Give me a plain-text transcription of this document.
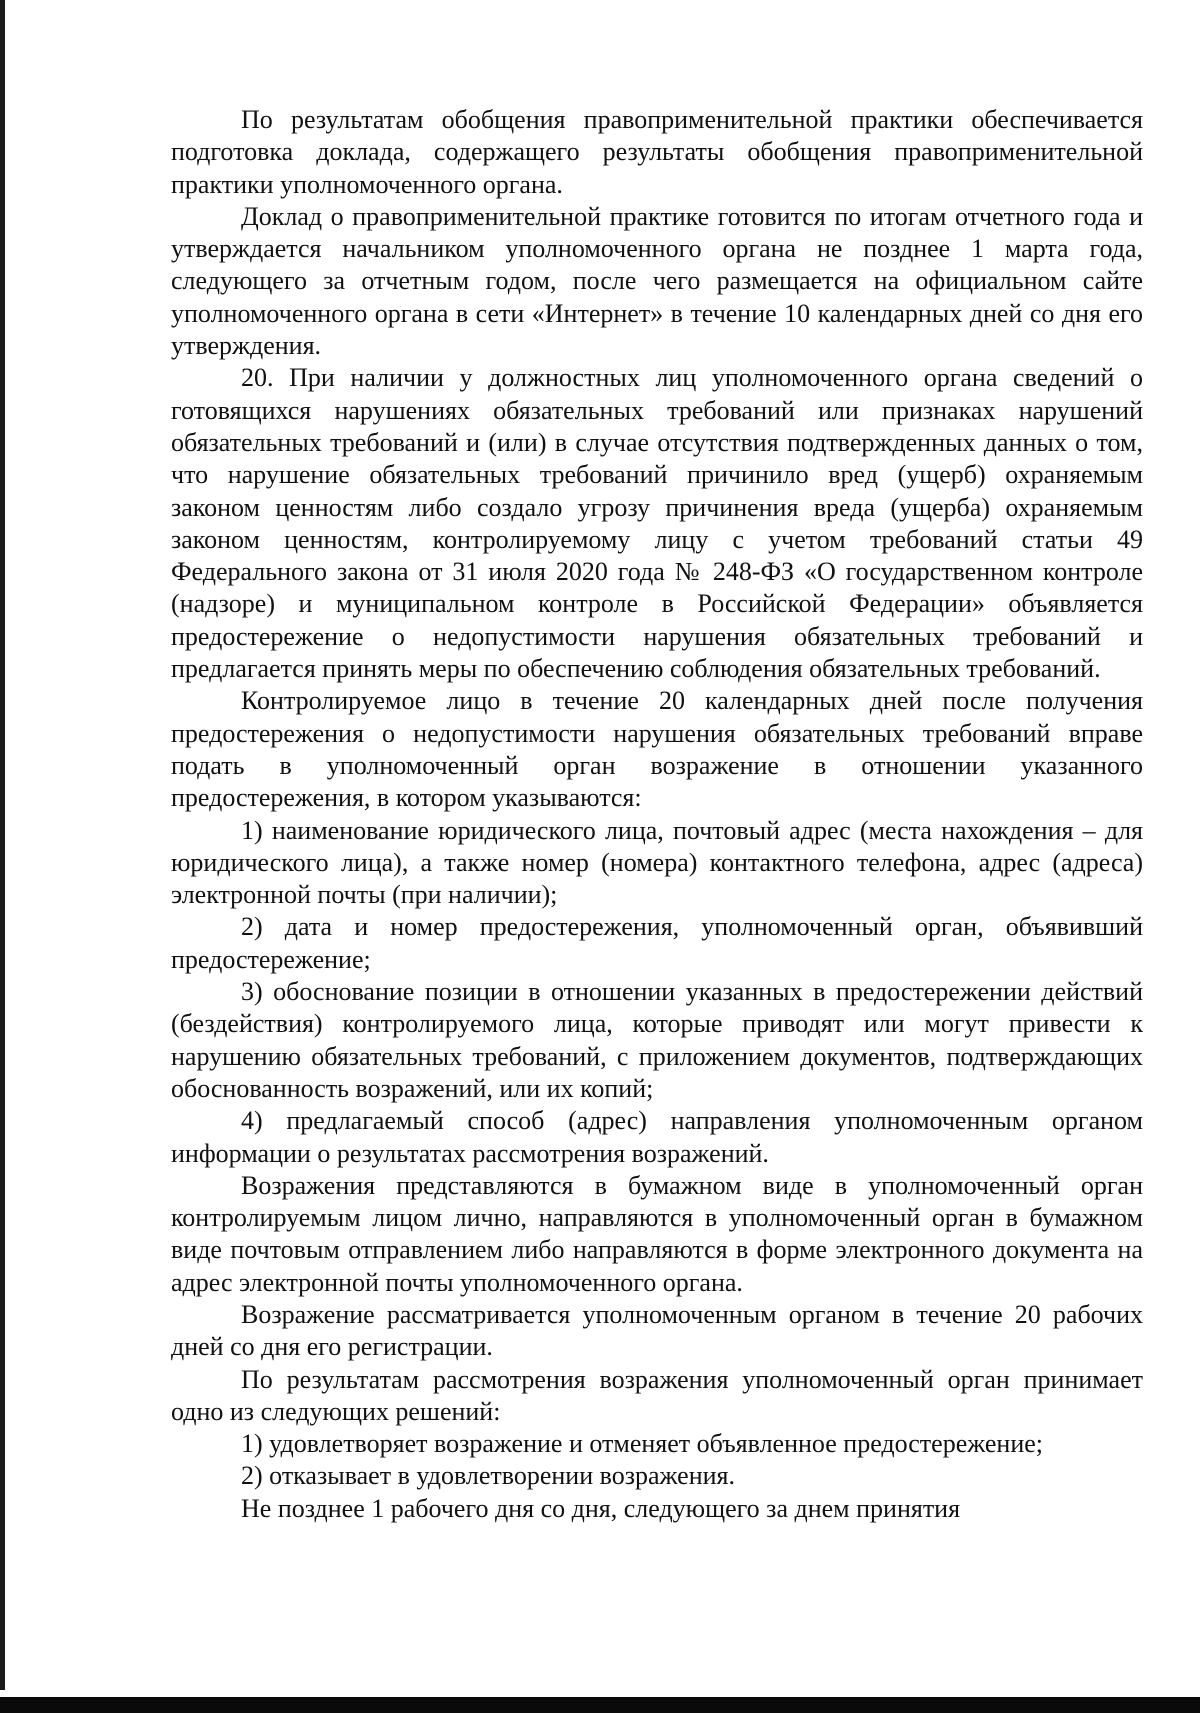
По результатам обобщения правоприменительной практики обеспечивается подготовка доклада, содержащего результаты обобщения правоприменительной практики уполномоченного органа.

Доклад о правоприменительной практике готовится по итогам отчетного года и утверждается начальником уполномоченного органа не позднее 1 марта года, следующего за отчетным годом, после чего размещается на официальном сайте уполномоченного органа в сети «Интернет» в течение 10 календарных дней со дня его утверждения.

20. При наличии у должностных лиц уполномоченного органа сведений о готовящихся нарушениях обязательных требований или признаках нарушений обязательных требований и (или) в случае отсутствия подтвержденных данных о том, что нарушение обязательных требований причинило вред (ущерб) охраняемым законом ценностям либо создало угрозу причинения вреда (ущерба) охраняемым законом ценностям, контролируемому лицу с учетом требований статьи 49 Федерального закона от 31 июля 2020 года № 248-ФЗ «О государственном контроле (надзоре) и муниципальном контроле в Российской Федерации» объявляется предостережение о недопустимости нарушения обязательных требований и предлагается принять меры по обеспечению соблюдения обязательных требований.

Контролируемое лицо в течение 20 календарных дней после получения предостережения о недопустимости нарушения обязательных требований вправе подать в уполномоченный орган возражение в отношении указанного предостережения, в котором указываются:

1) наименование юридического лица, почтовый адрес (места нахождения – для юридического лица), а также номер (номера) контактного телефона, адрес (адреса) электронной почты (при наличии);

2) дата и номер предостережения, уполномоченный орган, объявивший предостережение;

3) обоснование позиции в отношении указанных в предостережении действий (бездействия) контролируемого лица, которые приводят или могут привести к нарушению обязательных требований, с приложением документов, подтверждающих обоснованность возражений, или их копий;

4) предлагаемый способ (адрес) направления уполномоченным органом информации о результатах рассмотрения возражений.

Возражения представляются в бумажном виде в уполномоченный орган контролируемым лицом лично, направляются в уполномоченный орган в бумажном виде почтовым отправлением либо направляются в форме электронного документа на адрес электронной почты уполномоченного органа.

Возражение рассматривается уполномоченным органом в течение 20 рабочих дней со дня его регистрации.

По результатам рассмотрения возражения уполномоченный орган принимает одно из следующих решений:

1) удовлетворяет возражение и отменяет объявленное предостережение;

2) отказывает в удовлетворении возражения.

Не позднее 1 рабочего дня со дня, следующего за днем принятия
